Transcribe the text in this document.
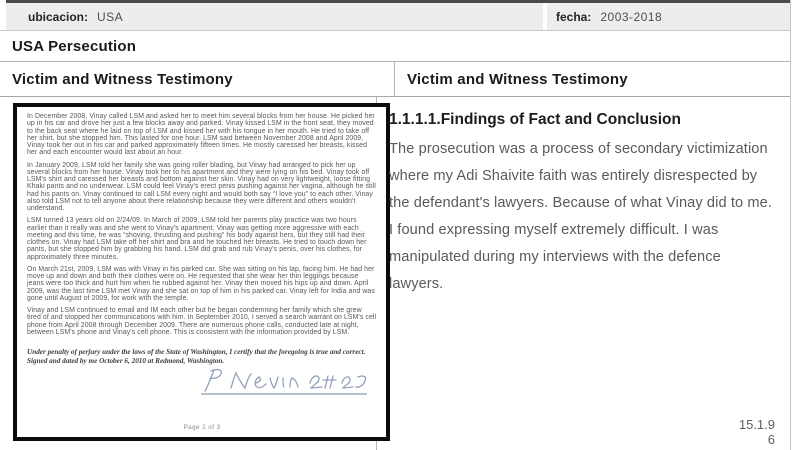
ubicacion: USA	fecha: 2003-2018
USA Persecution
Victim and Witness Testimony	Victim and Witness Testimony

In December 2008, Vinay called LSM and asked her to meet him several blocks from her house. He picked her up in his car and drove her just a few blocks away and parked. Vinay kissed LSM in the front seat, they moved to the back seat where he laid on top of LSM and kissed her with his tongue in her mouth. He tried to take off her shirt, but she stopped him. This lasted for one hour. LSM said between November 2008 and April 2009, Vinay took her out in his car and parked approximately fifteen times. He mostly caressed her breasts, kissed her and each encounter would last about an hour.

In January 2009, LSM told her family she was going roller blading, but Vinay had arranged to pick her up several blocks from her house. Vinay took her to his apartment and they were lying on his bed. Vinay took off LSM's shirt and caressed her breasts and bottom against her skin. Vinay had on very lightweight, loose fitting Khaki pants and no underwear. LSM could feel Vinay's erect penis pushing against her vagina, although he still had his pants on. Vinay continued to call LSM every night and would both say “I love you” to each other. Vinay also told LSM not to tell anyone about there relationship because they were different and others wouldn't understand.

LSM turned 13 years old on 2/24/09. In March of 2009, LSM told her parents play practice was two hours earlier than it really was and she went to Vinay's apartment. Vinay was getting more aggressive with each meeting and this time, he was “shoving, thrusting and pushing” his body against hers, but they still had their clothes on. Vinay had LSM take off her shirt and bra and he touched her breasts. He tried to touch down her pants, but she stopped him by grabbing his hand. LSM did grab and rub Vinay's penis, over his clothes, for approximately three minutes.

On March 21st, 2009, LSM was with Vinay in his parked car. She was sitting on his lap, facing him. He had her move up and down and both their clothes were on. He requested that she wear her thin leggings because jeans were too thick and hurt him when he rubbed against her. Vinay then moved his hips up and down. April 2009, was the last time LSM met Vinay and she sat on top of him in his parked car. Vinay left for India and was gone until August of 2009, for work with the temple.

Vinay and LSM continued to email and IM each other but he began condemning her family which she grew tired of and stopped her communications with him. In September 2010, I served a search warrant on LSM's cell phone from April 2008 through December 2009. There are numerous phone calls, conducted late at night, between LSM's phone and Vinay's cell phone. This is consistent with the information provided by LSM.

Under penalty of perjury under the laws of the State of Washington, I certify that the foregoing is true and correct. Signed and dated by me October 6, 2010 at Redmond, Washington.

Page 2 of 3
1.1.1.1.Findings of Fact and Conclusion

The prosecution was a process of secondary victimization where my Adi Shaivite faith was entirely disrespected by the defendant's lawyers. Because of what Vinay did to me. I found expressing myself extremely difficult. I was manipulated during my interviews with the defence lawyers.

15.1.9
6
